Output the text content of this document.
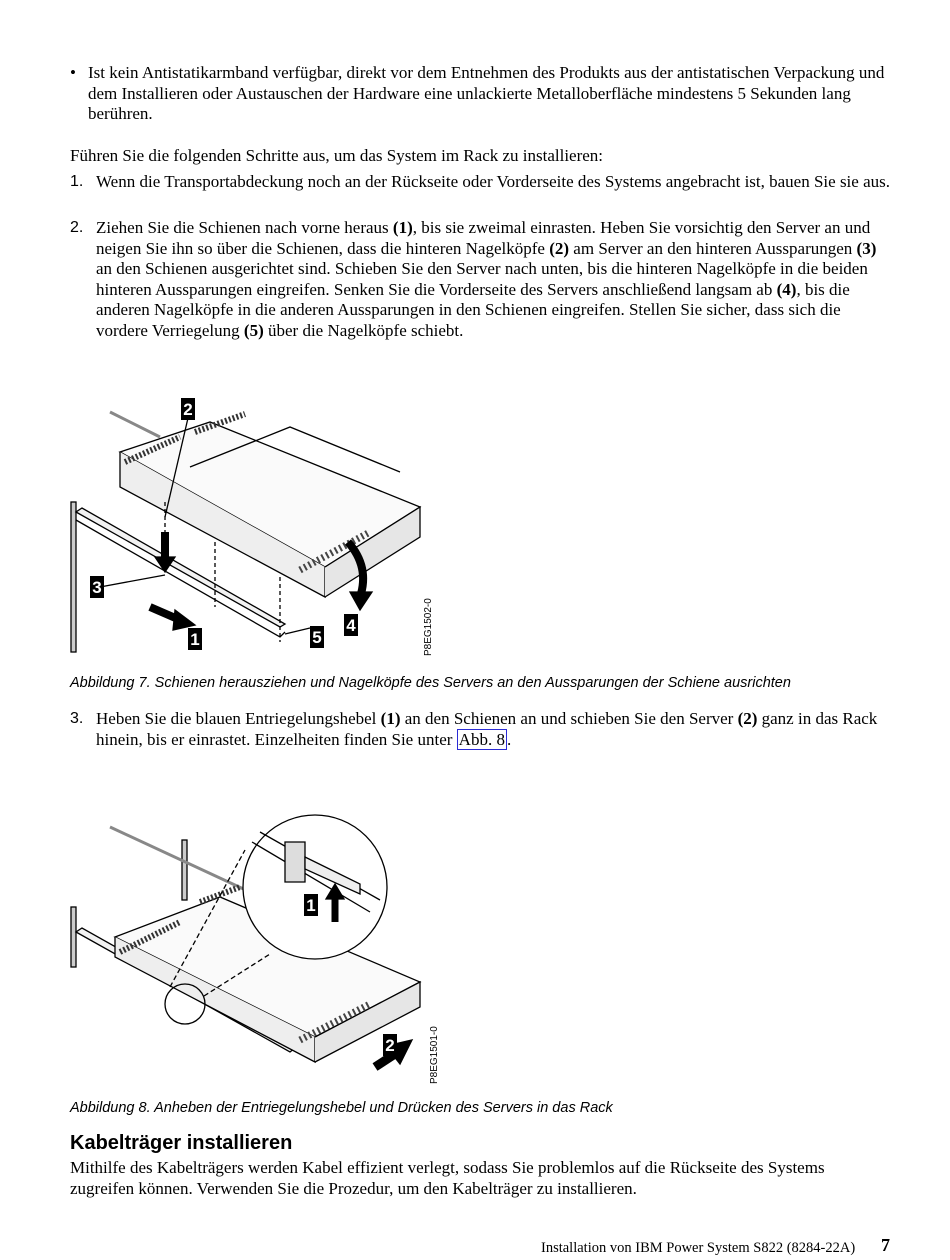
• Ist kein Antistatikarmband verfügbar, direkt vor dem Entnehmen des Produkts aus der antistatischen Verpackung und dem Installieren oder Austauschen der Hardware eine unlackierte Metalloberfläche mindestens 5 Sekunden lang berühren.
Führen Sie die folgenden Schritte aus, um das System im Rack zu installieren:
1. Wenn die Transportabdeckung noch an der Rückseite oder Vorderseite des Systems angebracht ist, bauen Sie sie aus.
2. Ziehen Sie die Schienen nach vorne heraus (1), bis sie zweimal einrasten. Heben Sie vorsichtig den Server an und neigen Sie ihn so über die Schienen, dass die hinteren Nagelköpfe (2) am Server an den hinteren Aussparungen (3) an den Schienen ausgerichtet sind. Schieben Sie den Server nach unten, bis die hinteren Nagelköpfe in die beiden hinteren Aussparungen eingreifen. Senken Sie die Vorderseite des Servers anschließend langsam ab (4), bis die anderen Nagelköpfe in die anderen Aussparungen in den Schienen eingreifen. Stellen Sie sicher, dass sich die vordere Verriegelung (5) über die Nagelköpfe schiebt.
2
3
1	5
4	P8EG1502-0
Abbildung 7. Schienen herausziehen und Nagelköpfe des Servers an den Aussparungen der Schiene ausrichten
3. Heben Sie die blauen Entriegelungshebel (1) an den Schienen an und schieben Sie den Server (2) ganz in das Rack hinein, bis er einrastet. Einzelheiten finden Sie unter Abb. 8 .
1
2	P8EG1501-0
Abbildung 8. Anheben der Entriegelungshebel und Drücken des Servers in das Rack
Kabelträger installieren
Mithilfe des Kabelträgers werden Kabel effizient verlegt, sodass Sie problemlos auf die Rückseite des Systems zugreifen können. Verwenden Sie die Prozedur, um den Kabelträger zu installieren.
Installation von IBM Power System S822 (8284-22A) 7
